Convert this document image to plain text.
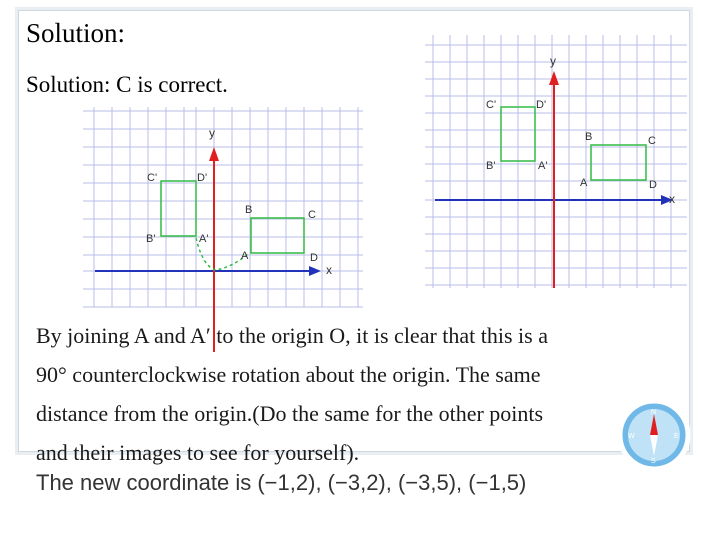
Solution:
Solution: C is correct.
x
y
C'	D'
B'	A'
B	C
A	D
x
y
C'	D'
B'	A'
B	C
A	D
By joining A and A′ to the origin O, it is clear that this is a
90° counterclockwise rotation about the origin. The same
distance from the origin.(Do the same for the other points
and their images to see for yourself).
The new coordinate is (−1,2), (−3,2), (−3,5), (−1,5)
N
E
S
W
